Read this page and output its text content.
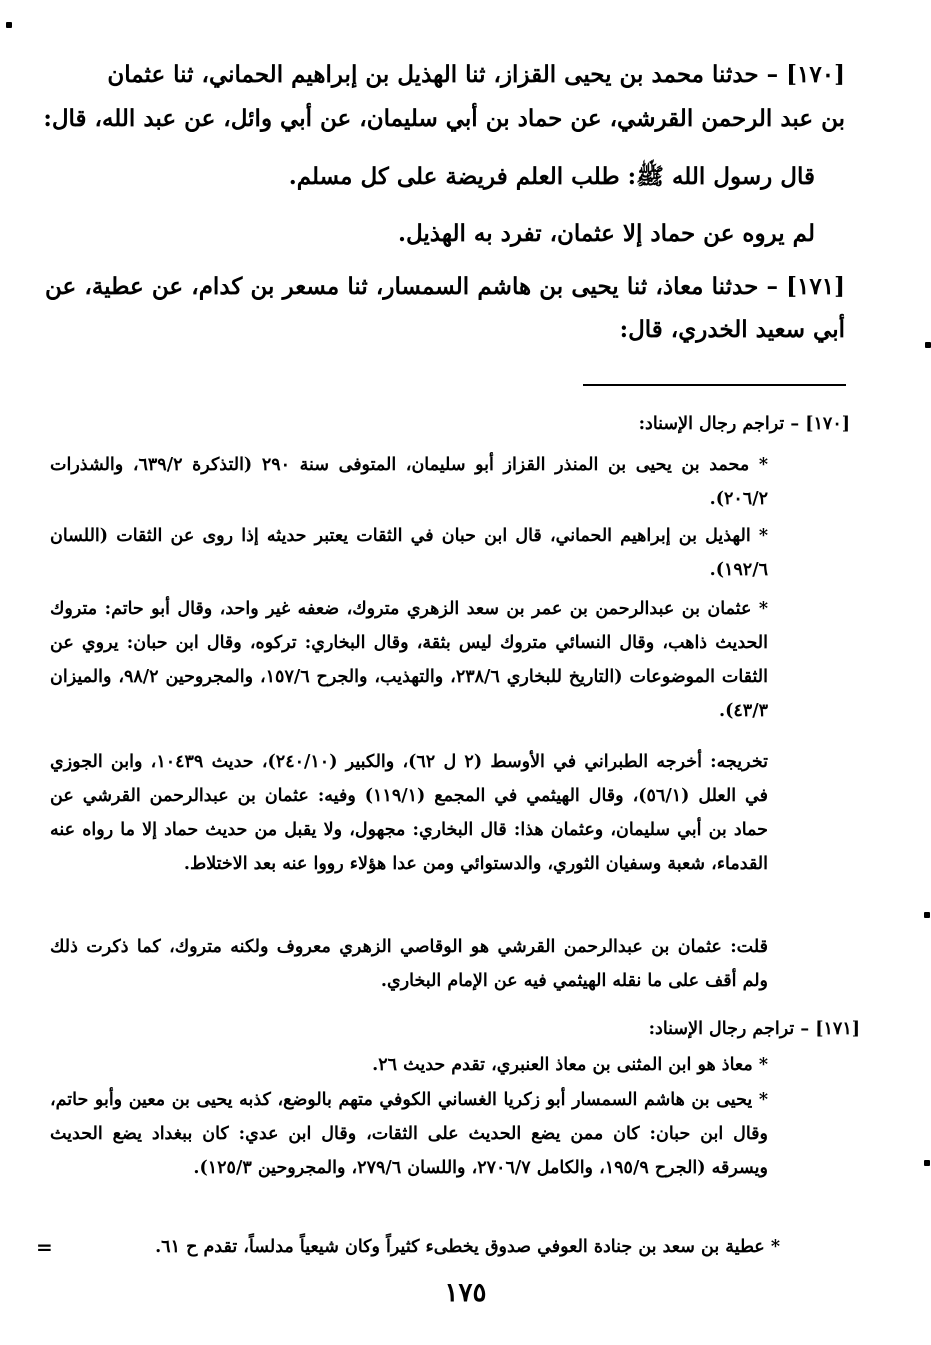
[١٧٠] – حدثنا محمد بن يحيى القزاز، ثنا الهذيل بن إبراهيم الحماني، ثنا عثمان
بن عبد الرحمن القرشي، عن حماد بن أبي سليمان، عن أبي وائل، عن عبد الله، قال:
قال رسول الله ﷺ: طلب العلم فريضة على كل مسلم.
لم يروه عن حماد إلا عثمان، تفرد به الهذيل.
[١٧١] – حدثنا معاذ، ثنا يحيى بن هاشم السمسار، ثنا مسعر بن كدام، عن عطية، عن أبي سعيد الخدري، قال:
[١٧٠] – تراجم رجال الإسناد:
* محمد بن يحيى بن المنذر القزاز أبو سليمان، المتوفى سنة ٢٩٠ (التذكرة ٦٣٩/٢، والشذرات ٢٠٦/٢).
* الهذيل بن إبراهيم الحماني، قال ابن حبان في الثقات يعتبر حديثه إذا روى عن الثقات (اللسان ١٩٢/٦).
* عثمان بن عبدالرحمن بن عمر بن سعد الزهري متروك، ضعفه غير واحد، وقال أبو حاتم: متروك الحديث ذاهب، وقال النسائي متروك ليس بثقة، وقال البخاري: تركوه، وقال ابن حبان: يروي عن الثقات الموضوعات (التاريخ للبخاري ٢٣٨/٦، والتهذيب، والجرح ١٥٧/٦، والمجروحين ٩٨/٢، والميزان ٤٣/٣).
تخريجه: أخرجه الطبراني في الأوسط (٢ ل ٦٢)، والكبير (٢٤٠/١٠)، حديث ١٠٤٣٩، وابن الجوزي في العلل (٥٦/١)، وقال الهيثمي في المجمع (١١٩/١) وفيه: عثمان بن عبدالرحمن القرشي عن حماد بن أبي سليمان، وعثمان هذا: قال البخاري: مجهول، ولا يقبل من حديث حماد إلا ما رواه عنه القدماء، شعبة وسفيان الثوري، والدستوائي ومن عدا هؤلاء رووا عنه بعد الاختلاط.
قلت: عثمان بن عبدالرحمن القرشي هو الوقاصي الزهري معروف ولكنه متروك، كما ذكرت ذلك ولم أقف على ما نقله الهيثمي فيه عن الإمام البخاري.
[١٧١] – تراجم رجال الإسناد:
* معاذ هو ابن المثنى بن معاذ العنبري، تقدم حديث ٢٦.
* يحيى بن هاشم السمسار أبو زكريا الغساني الكوفي متهم بالوضع، كذبه يحيى بن معين وأبو حاتم، وقال ابن حبان: كان ممن يضع الحديث على الثقات، وقال ابن عدي: كان ببغداد يضع الحديث ويسرقه (الجرح ١٩٥/٩، والكامل ٢٧٠٦/٧، واللسان ٢٧٩/٦، والمجروحين ١٢٥/٣).
* عطية بن سعد بن جنادة العوفي صدوق يخطىء كثيراً وكان شيعياً مدلساً، تقدم ح ٦١.
=
١٧٥
